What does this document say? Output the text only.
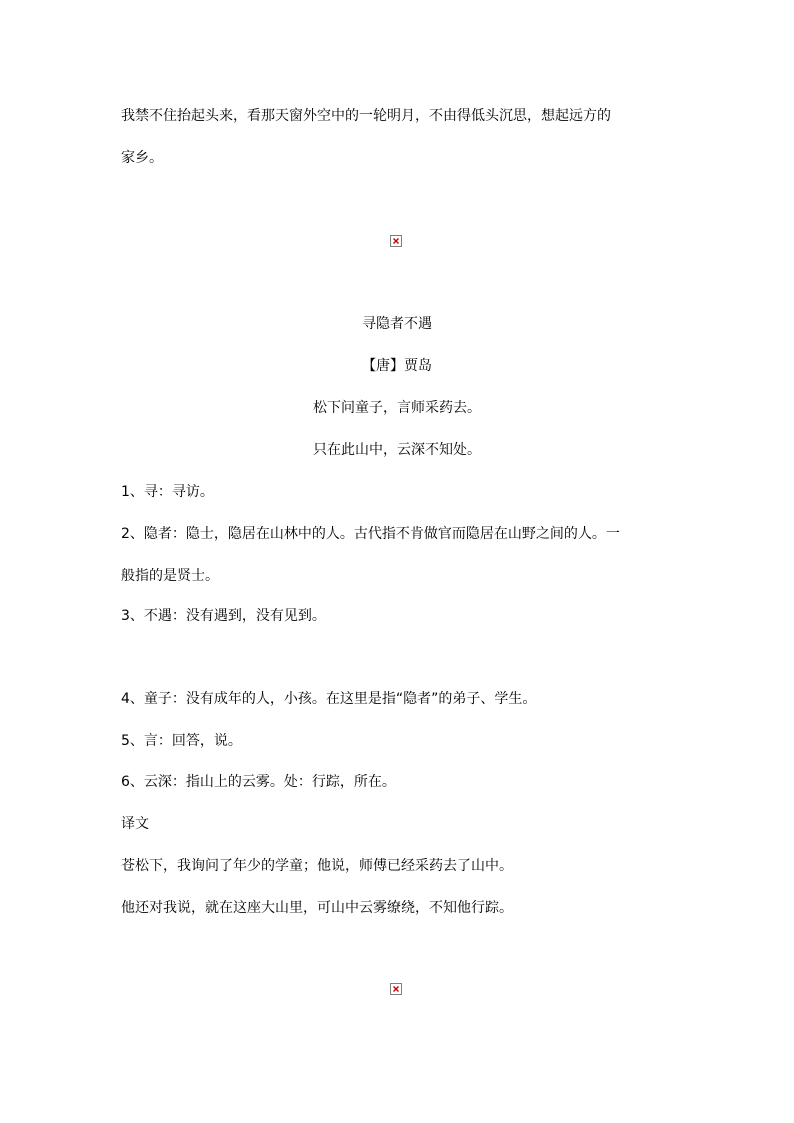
我禁不住抬起头来，看那天窗外空中的一轮明月，不由得低头沉思，想起远方的
家乡。
寻隐者不遇
【唐】贾岛
松下问童子，言师采药去。
只在此山中，云深不知处。
1、寻：寻访。
2、隐者：隐士，隐居在山林中的人。古代指不肯做官而隐居在山野之间的人。一
般指的是贤士。
3、不遇：没有遇到，没有见到。
4、童子：没有成年的人，小孩。在这里是指“隐者”的弟子、学生。
5、言：回答，说。
6、云深：指山上的云雾。处：行踪，所在。
译文
苍松下，我询问了年少的学童；他说，师傅已经采药去了山中。
他还对我说，就在这座大山里，可山中云雾缭绕，不知他行踪。
